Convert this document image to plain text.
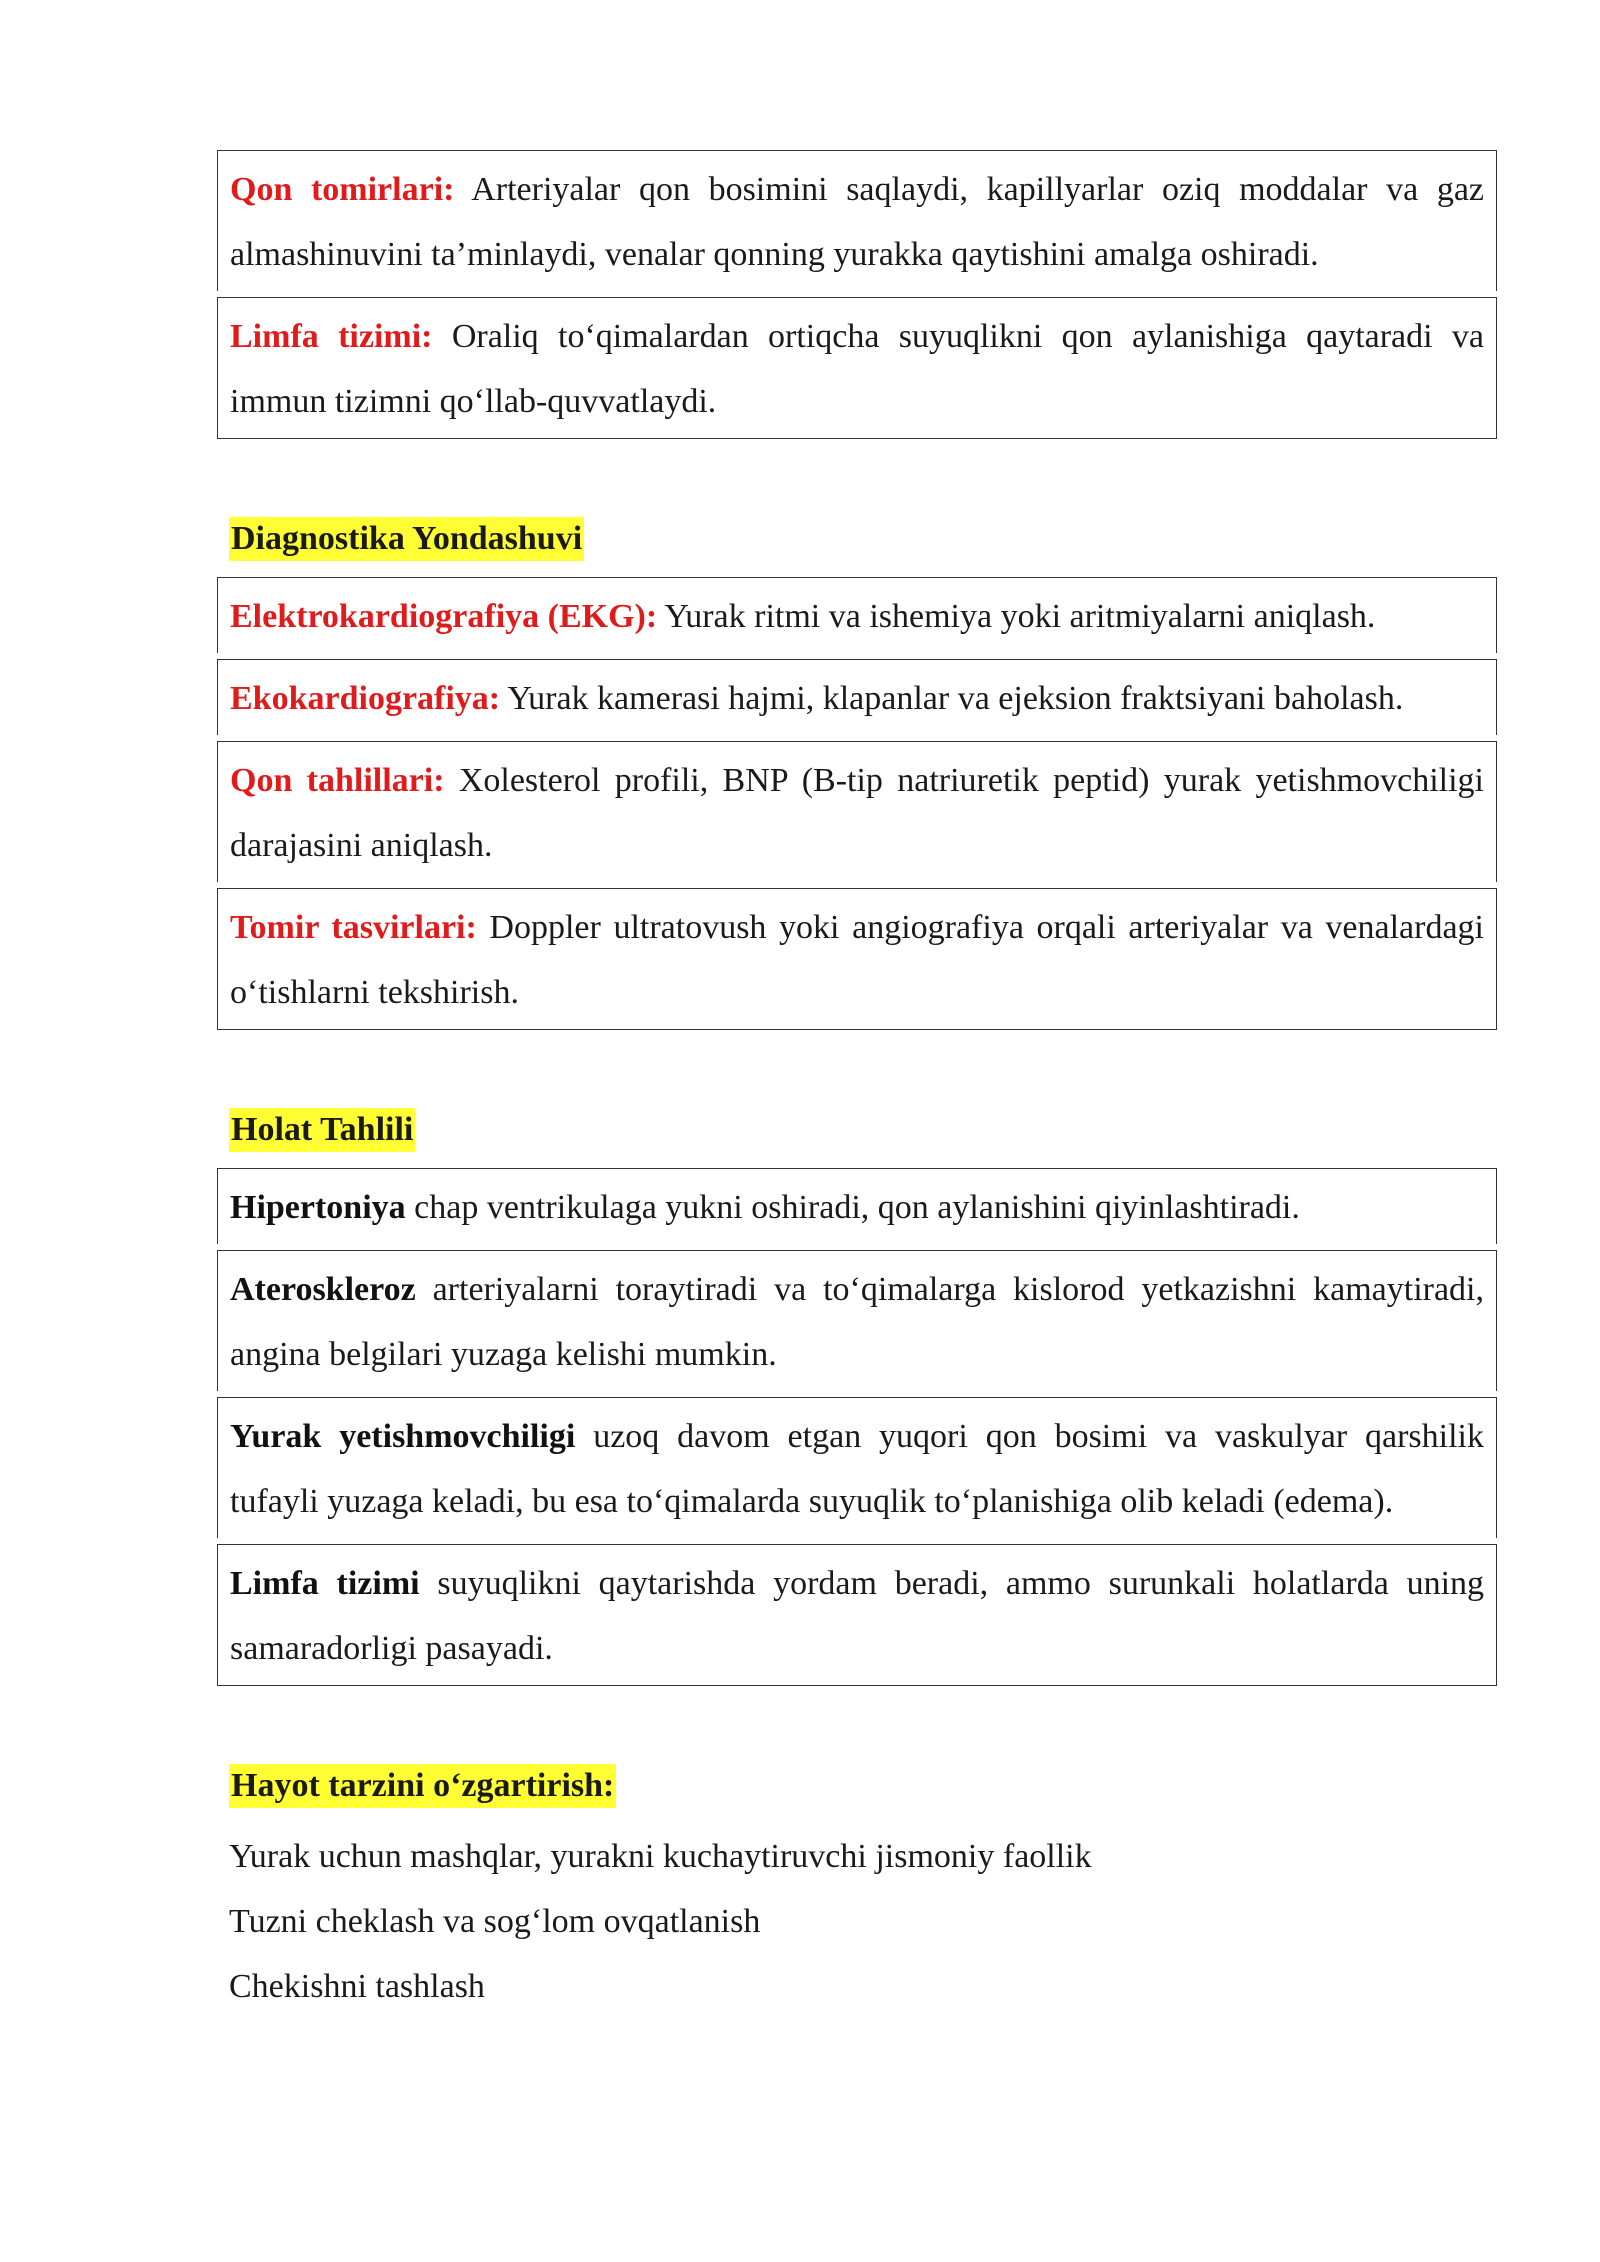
Qon tomirlari: Arteriyalar qon bosimini saqlaydi, kapillyarlar oziq moddalar va gaz almashinuvini ta’minlaydi, venalar qonning yurakka qaytishini amalga oshiradi.
Limfa tizimi: Oraliq to‘qimalardan ortiqcha suyuqlikni qon aylanishiga qaytaradi va immun tizimni qo‘llab-quvvatlaydi.
Diagnostika Yondashuvi
Elektrokardiografiya (EKG): Yurak ritmi va ishemiya yoki aritmiyalarni aniqlash.
Ekokardiografiya: Yurak kamerasi hajmi, klapanlar va ejeksion fraktsiyani baholash.
Qon tahlillari: Xolesterol profili, BNP (B-tip natriuretik peptid) yurak yetishmovchiligi darajasini aniqlash.
Tomir tasvirlari: Doppler ultratovush yoki angiografiya orqali arteriyalar va venalardagi o‘tishlarni tekshirish.
Holat Tahlili
Hipertoniya chap ventrikulaga yukni oshiradi, qon aylanishini qiyinlashtiradi.
Ateroskleroz arteriyalarni toraytiradi va to‘qimalarga kislorod yetkazishni kamaytiradi, angina belgilari yuzaga kelishi mumkin.
Yurak yetishmovchiligi uzoq davom etgan yuqori qon bosimi va vaskulyar qarshilik tufayli yuzaga keladi, bu esa to‘qimalarda suyuqlik to‘planishiga olib keladi (edema).
Limfa tizimi suyuqlikni qaytarishda yordam beradi, ammo surunkali holatlarda uning samaradorligi pasayadi.
Hayot tarzini o‘zgartirish:
Yurak uchun mashqlar, yurakni kuchaytiruvchi jismoniy faollik
Tuzni cheklash va sog‘lom ovqatlanish
Chekishni tashlash
